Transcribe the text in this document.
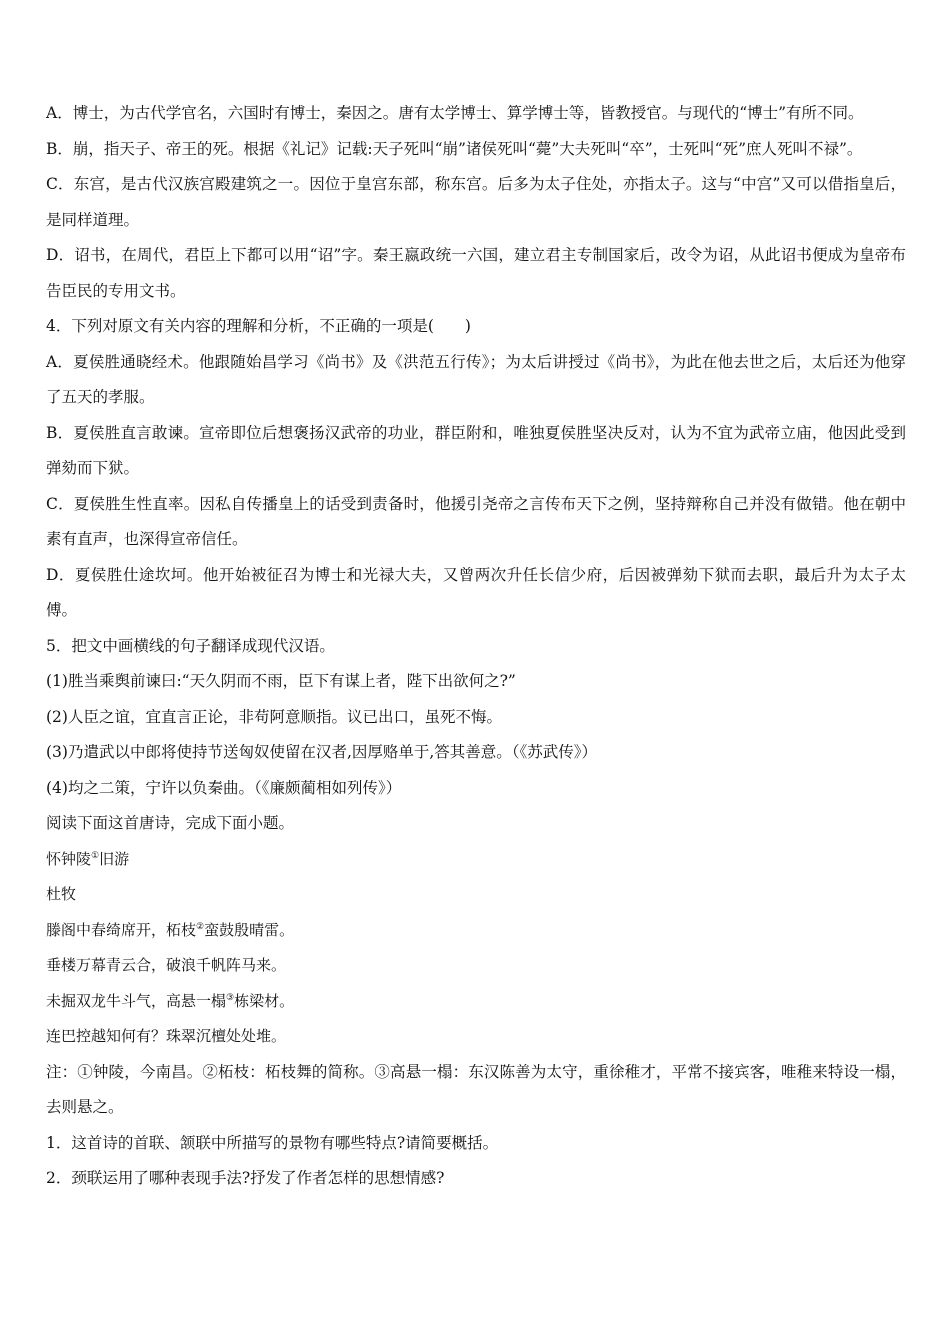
A．博士，为古代学官名，六国时有博士，秦因之。唐有太学博士、算学博士等，皆教授官。与现代的“博士”有所不同。

B．崩，指天子、帝王的死。根据《礼记》记载:天子死叫“崩”诸侯死叫“薨”大夫死叫“卒”，士死叫“死”庶人死叫不禄”。

C．东宫，是古代汉族宫殿建筑之一。因位于皇宫东部，称东宫。后多为太子住处，亦指太子。这与“中宫”又可以借指皇后，是同样道理。

D．诏书，在周代，君臣上下都可以用“诏”字。秦王嬴政统一六国，建立君主专制国家后，改令为诏，从此诏书便成为皇帝布告臣民的专用文书。

4．下列对原文有关内容的理解和分析，不正确的一项是(　　)

A．夏侯胜通晓经术。他跟随始昌学习《尚书》及《洪范五行传》；为太后讲授过《尚书》，为此在他去世之后，太后还为他穿了五天的孝服。

B．夏侯胜直言敢谏。宣帝即位后想褒扬汉武帝的功业，群臣附和，唯独夏侯胜坚决反对，认为不宜为武帝立庙，他因此受到弹劾而下狱。

C．夏侯胜生性直率。因私自传播皇上的话受到责备时，他援引尧帝之言传布天下之例，坚持辩称自己并没有做错。他在朝中素有直声，也深得宣帝信任。

D．夏侯胜仕途坎坷。他开始被征召为博士和光禄大夫，又曾两次升任长信少府，后因被弹劾下狱而去职，最后升为太子太傅。

5．把文中画横线的句子翻译成现代汉语。

(1)胜当乘舆前谏曰:“天久阴而不雨，臣下有谋上者，陛下出欲何之?”

(2)人臣之谊，宜直言正论，非苟阿意顺指。议已出口，虽死不悔。

(3)乃遣武以中郎将使持节送匈奴使留在汉者,因厚赂单于,答其善意。（《苏武传》）

(4)均之二策，宁许以负秦曲。（《廉颇蔺相如列传》）

阅读下面这首唐诗，完成下面小题。

怀钟陵①旧游

杜牧

滕阁中春绮席开，柘枝②蛮鼓殷晴雷。

垂楼万幕青云合，破浪千帆阵马来。

未掘双龙牛斗气，高悬一榻③栋梁材。

连巴控越知何有？珠翠沉檀处处堆。

注：①钟陵，今南昌。②柘枝：柘枝舞的简称。③高悬一榻：东汉陈善为太守，重徐稚才，平常不接宾客，唯稚来特设一榻，去则悬之。

1．这首诗的首联、颔联中所描写的景物有哪些特点?请简要概括。

2．颈联运用了哪种表现手法?抒发了作者怎样的思想情感?
